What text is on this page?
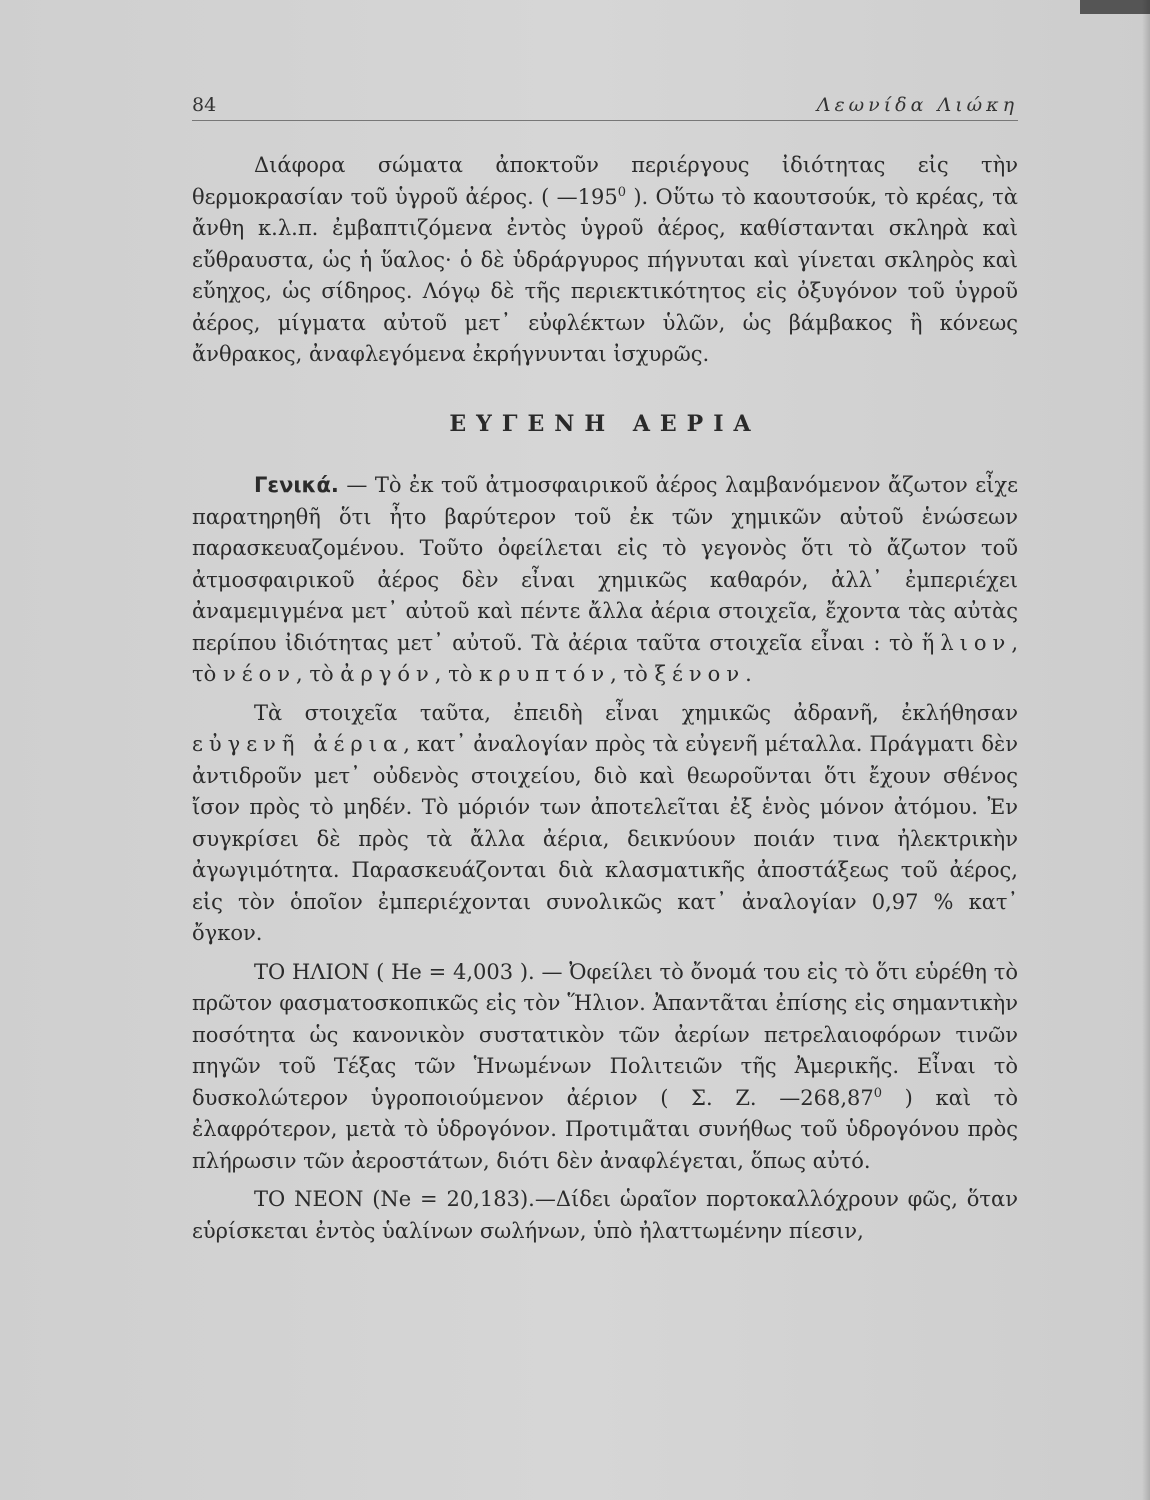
84	Λεωνίδα Λιώκη

Διάφορα σώματα ἀποκτοῦν περιέργους ἰδιότητας εἰς τὴν θερμοκρασίαν τοῦ ὑγροῦ ἀέρος. ( $—195^0$ ). Οὕτω τὸ καουτσούκ, τὸ κρέας, τὰ ἄνθη κ.λ.π. ἐμβαπτιζόμενα ἐντὸς ὑγροῦ ἀέρος, καθίστανται σκληρὰ καὶ εὔθραυστα, ὡς ἡ ὕαλος· ὁ δὲ ὑδράργυρος πήγνυται καὶ γίνεται σκληρὸς καὶ εὔηχος, ὡς σίδηρος. Λόγῳ δὲ τῆς περιεκτικότητος εἰς ὀξυγόνον τοῦ ὑγροῦ ἀέρος, μίγματα αὐτοῦ μετ᾽ εὐφλέκτων ὑλῶν, ὡς βάμβακος ἢ κόνεως ἄνθρακος, ἀναφλεγόμενα ἐκρήγνυνται ἰσχυρῶς.

ΕΥΓΕΝΗ ΑΕΡΙΑ

Γενικά. — Τὸ ἐκ τοῦ ἀτμοσφαιρικοῦ ἀέρος λαμβανόμενον ἄζωτον εἶχε παρατηρηθῆ ὅτι ἦτο βαρύτερον τοῦ ἐκ τῶν χημικῶν αὐτοῦ ἑνώσεων παρασκευαζομένου. Τοῦτο ὀφείλεται εἰς τὸ γεγονὸς ὅτι τὸ ἄζωτον τοῦ ἀτμοσφαιρικοῦ ἀέρος δὲν εἶναι χημικῶς καθαρόν, ἀλλ᾽ ἐμπεριέχει ἀναμεμιγμένα μετ᾽ αὐτοῦ καὶ πέντε ἄλλα ἀέρια στοιχεῖα, ἔχοντα τὰς αὐτὰς περίπου ἰδιότητας μετ᾽ αὐτοῦ. Τὰ ἀέρια ταῦτα στοιχεῖα εἶναι : τὸ ἥλιον, τὸ νέον, τὸ ἀργόν, τὸ κρυπτόν, τὸ ξένον.

Τὰ στοιχεῖα ταῦτα, ἐπειδὴ εἶναι χημικῶς ἀδρανῆ, ἐκλήθησαν εὐγενῆ ἀέρια, κατ᾽ ἀναλογίαν πρὸς τὰ εὐγενῆ μέταλλα. Πράγματι δὲν ἀντιδροῦν μετ᾽ οὐδενὸς στοιχείου, διὸ καὶ θεωροῦνται ὅτι ἔχουν σθένος ἴσον πρὸς τὸ μηδέν. Τὸ μόριόν των ἀποτελεῖται ἐξ ἑνὸς μόνον ἀτόμου. Ἐν συγκρίσει δὲ πρὸς τὰ ἄλλα ἀέρια, δεικνύουν ποιάν τινα ἠλεκτρικὴν ἀγωγιμότητα. Παρασκευάζονται διὰ κλασματικῆς ἀποστάξεως τοῦ ἀέρος, εἰς τὸν ὁποῖον ἐμπεριέχονται συνολικῶς κατ᾽ ἀναλογίαν 0,97 % κατ᾽ ὄγκον.

ΤΟ ΗΛΙΟΝ ( He = 4,003 ). — Ὀφείλει τὸ ὄνομά του εἰς τὸ ὅτι εὑρέθη τὸ πρῶτον φασματοσκοπικῶς εἰς τὸν Ἥλιον. Ἀπαντᾶται ἐπίσης εἰς σημαντικὴν ποσότητα ὡς κανονικὸν συστατικὸν τῶν ἀερίων πετρελαιοφόρων τινῶν πηγῶν τοῦ Τέξας τῶν Ἡνωμένων Πολιτειῶν τῆς Ἀμερικῆς. Εἶναι τὸ δυσκολώτερον ὑγροποιούμενον ἀέριον ( Σ. Ζ. —268,87$^0$ ) καὶ τὸ ἐλαφρότερον, μετὰ τὸ ὑδρογόνον. Προτιμᾶται συνήθως τοῦ ὑδρογόνου πρὸς πλήρωσιν τῶν ἀεροστάτων, διότι δὲν ἀναφλέγεται, ὅπως αὐτό.

ΤΟ ΝΕΟΝ (Ne = 20,183).—Δίδει ὡραῖον πορτοκαλλόχρουν φῶς, ὅταν εὑρίσκεται ἐντὸς ὑαλίνων σωλήνων, ὑπὸ ἠλαττωμένην πίεσιν,
